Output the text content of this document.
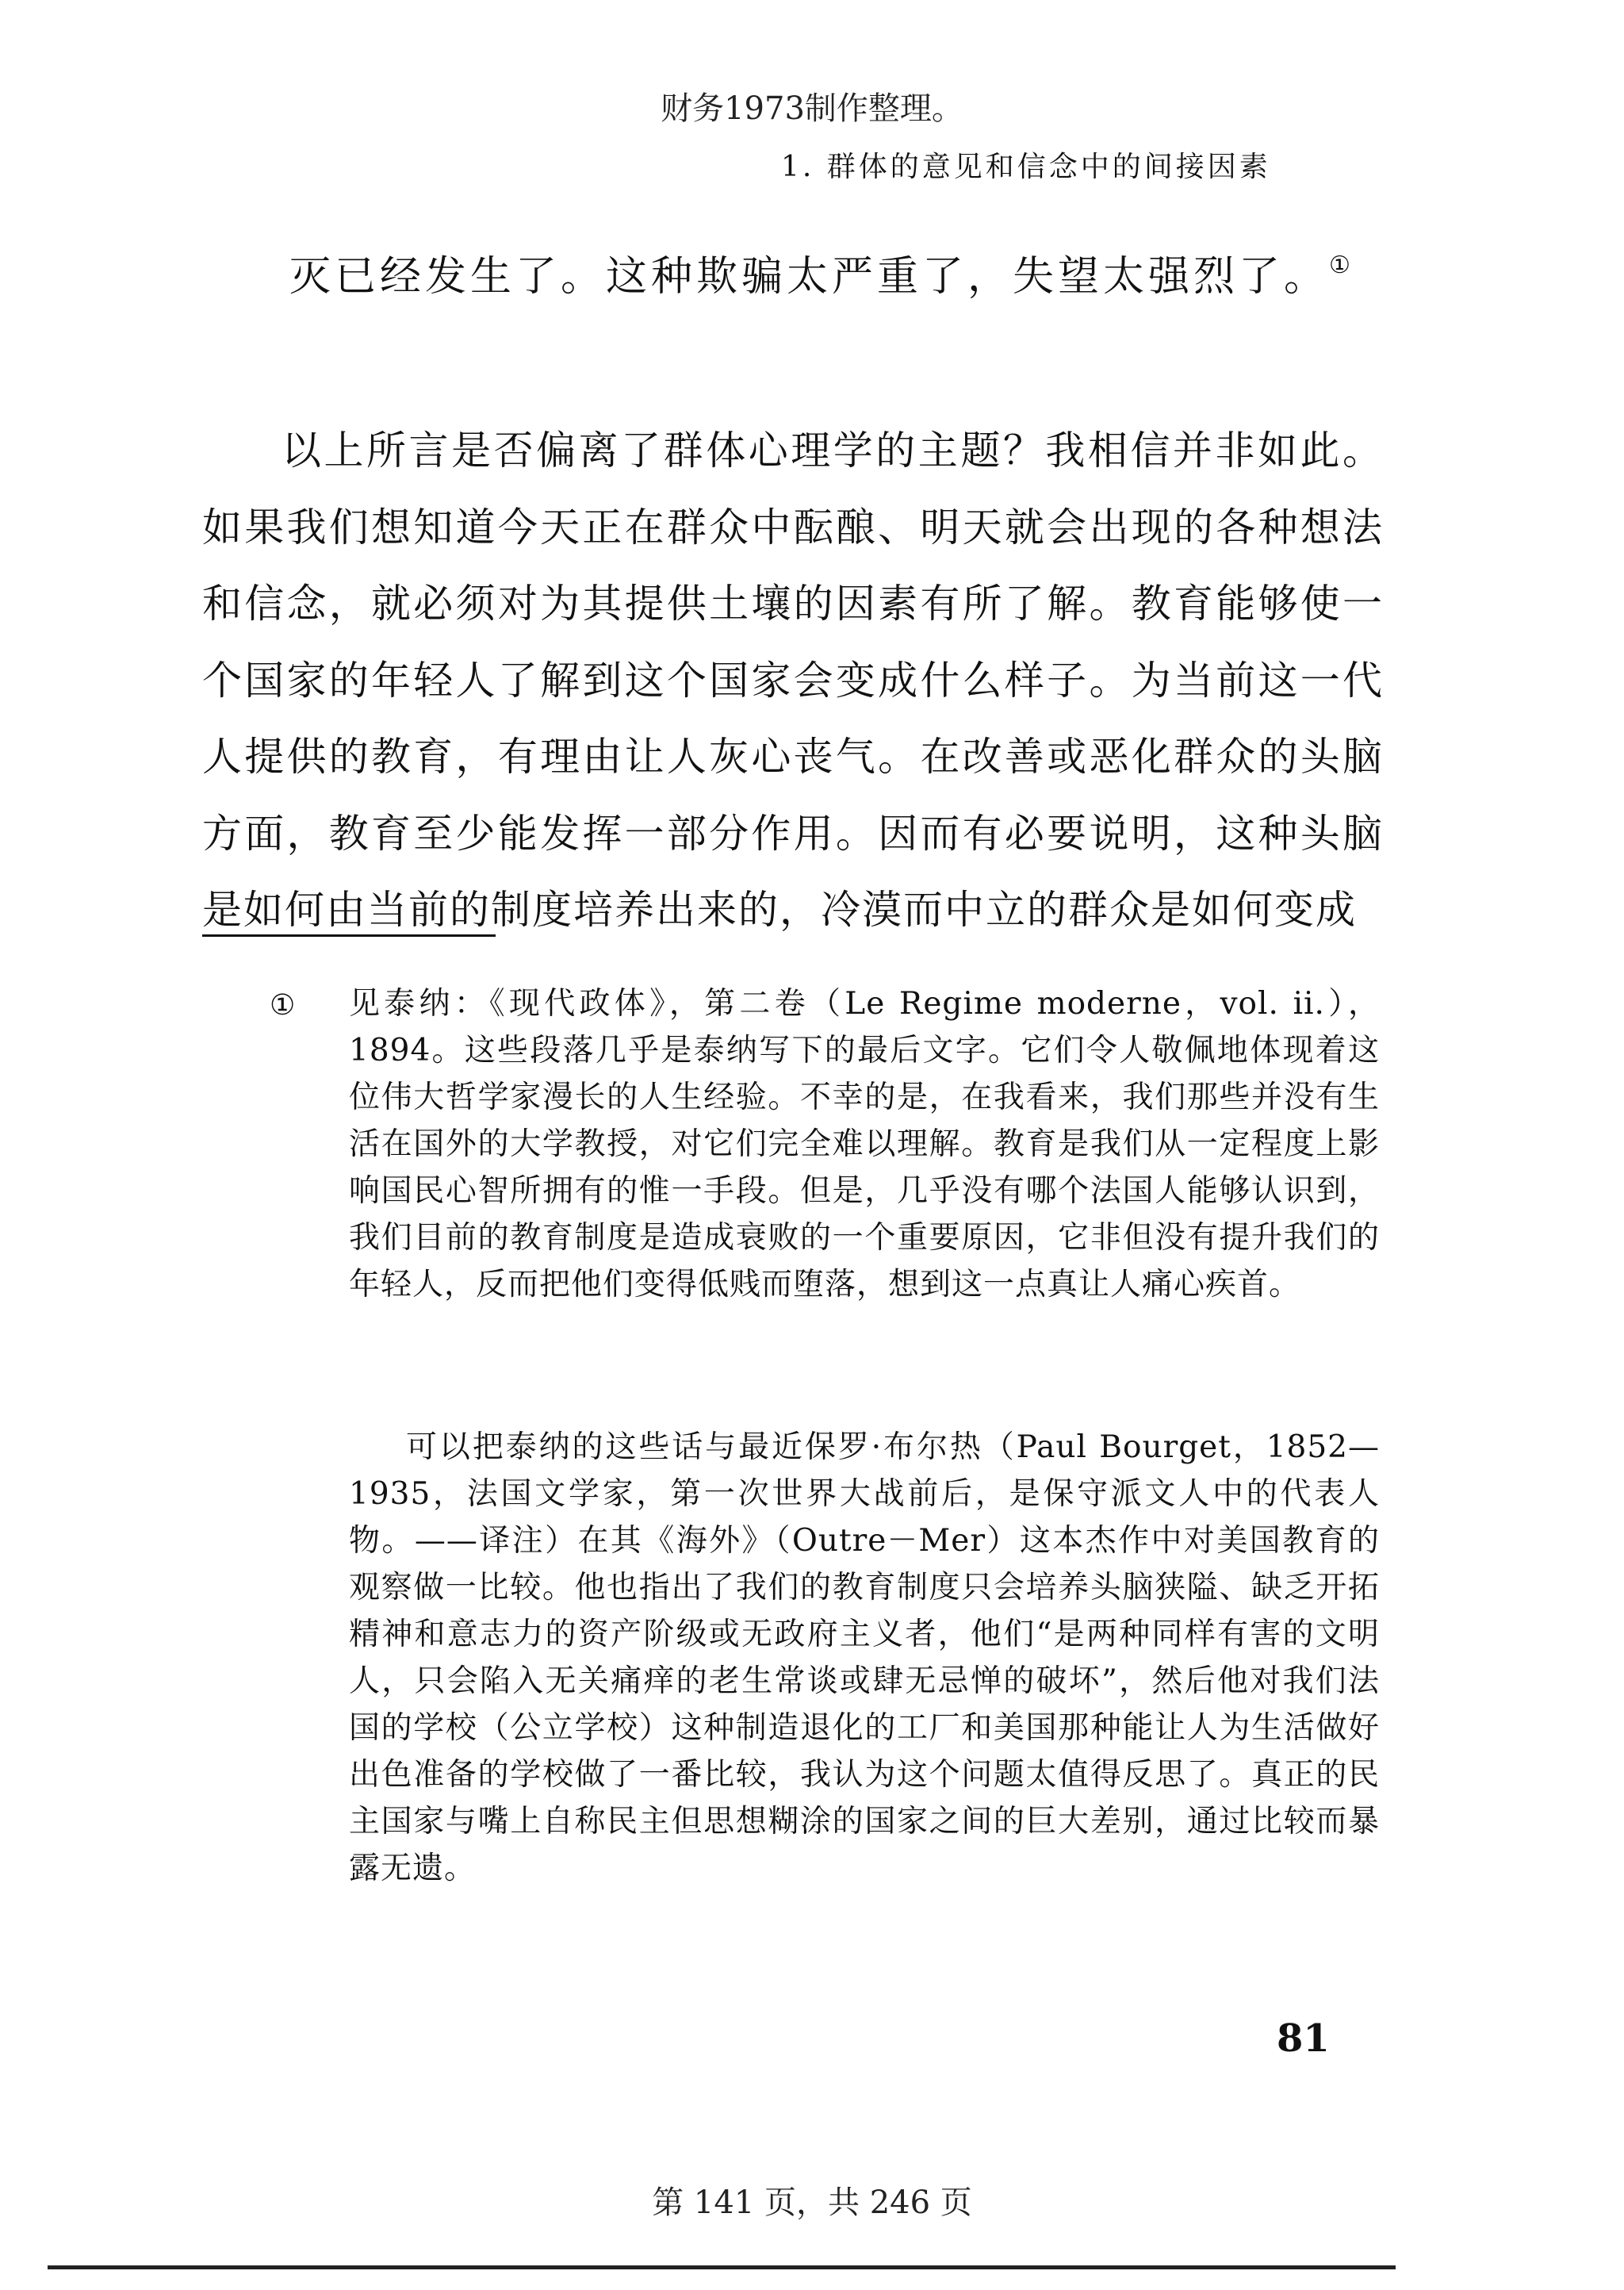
财务1973制作整理。
1. 群体的意见和信念中的间接因素

灭已经发生了。这种欺骗太严重了，失望太强烈了。①

以上所言是否偏离了群体心理学的主题？我相信并非如此。如果我们想知道今天正在群众中酝酿、明天就会出现的各种想法和信念，就必须对为其提供土壤的因素有所了解。教育能够使一个国家的年轻人了解到这个国家会变成什么样子。为当前这一代人提供的教育，有理由让人灰心丧气。在改善或恶化群众的头脑方面，教育至少能发挥一部分作用。因而有必要说明，这种头脑是如何由当前的制度培养出来的，冷漠而中立的群众是如何变成

① 见泰纳：《现代政体》，第二卷（Le Regime moderne，vol. ii.），1894。这些段落几乎是泰纳写下的最后文字。它们令人敬佩地体现着这位伟大哲学家漫长的人生经验。不幸的是，在我看来，我们那些并没有生活在国外的大学教授，对它们完全难以理解。教育是我们从一定程度上影响国民心智所拥有的惟一手段。但是，几乎没有哪个法国人能够认识到，我们目前的教育制度是造成衰败的一个重要原因，它非但没有提升我们的年轻人，反而把他们变得低贱而堕落，想到这一点真让人痛心疾首。

可以把泰纳的这些话与最近保罗·布尔热（Paul Bourget，1852—1935，法国文学家，第一次世界大战前后，是保守派文人中的代表人物。——译注）在其《海外》（Outre－Mer）这本杰作中对美国教育的观察做一比较。他也指出了我们的教育制度只会培养头脑狭隘、缺乏开拓精神和意志力的资产阶级或无政府主义者，他们“是两种同样有害的文明人，只会陷入无关痛痒的老生常谈或肆无忌惮的破坏”，然后他对我们法国的学校（公立学校）这种制造退化的工厂和美国那种能让人为生活做好出色准备的学校做了一番比较，我认为这个问题太值得反思了。真正的民主国家与嘴上自称民主但思想糊涂的国家之间的巨大差别，通过比较而暴露无遗。

81
第 141 页，共 246 页
